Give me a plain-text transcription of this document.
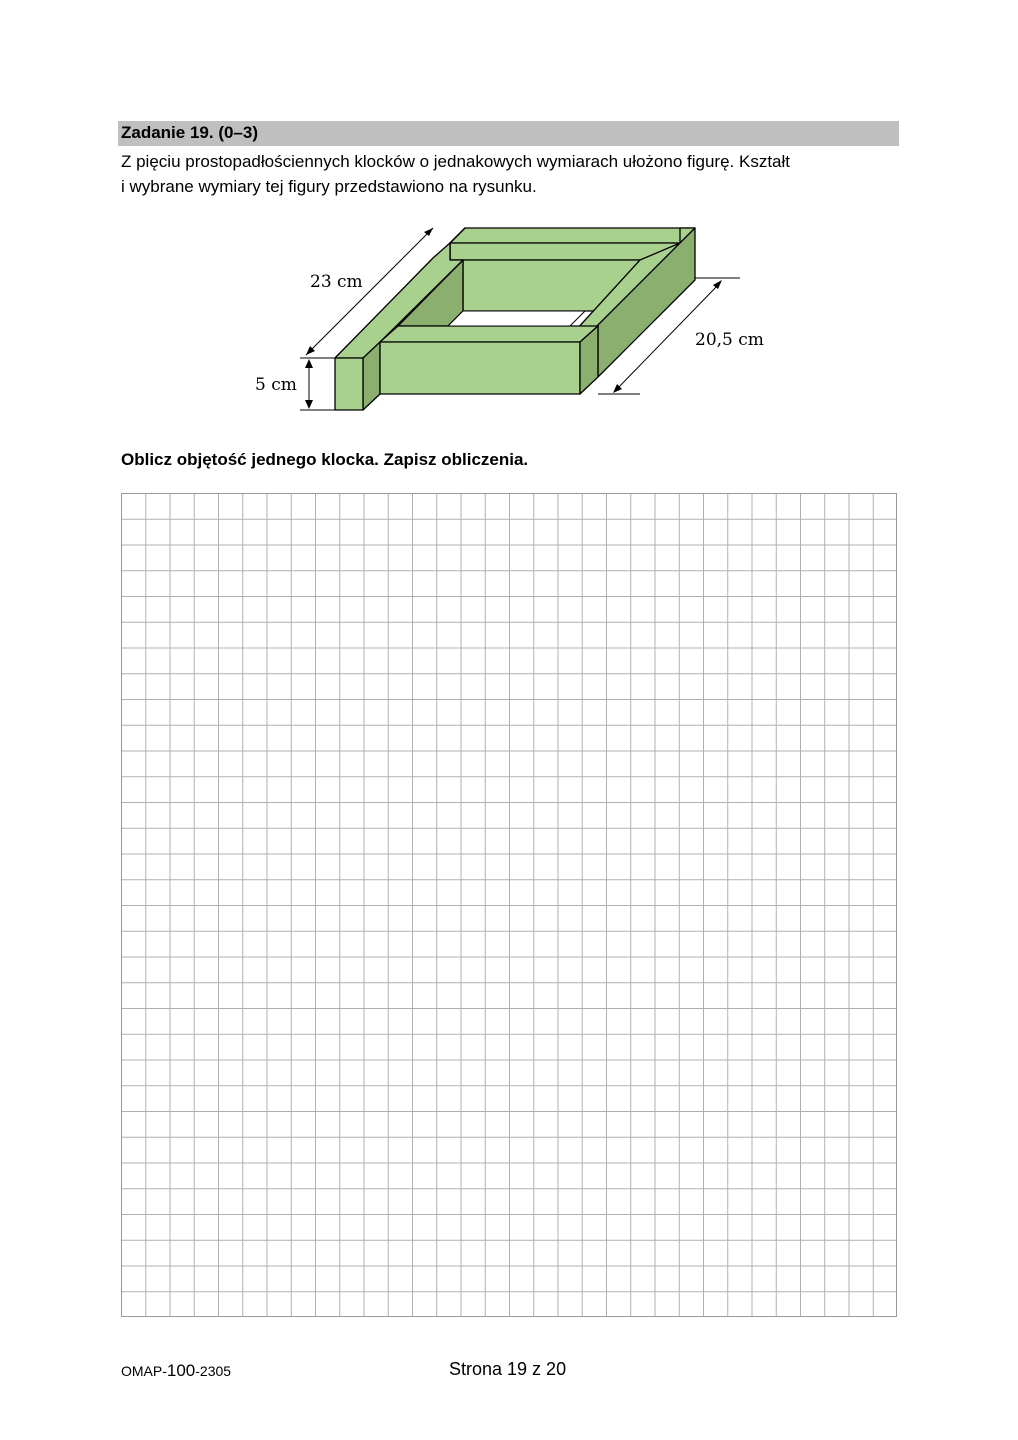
Zadanie 19. (0–3)
Z pięciu prostopadłościennych klocków o jednakowych wymiarach ułożono figurę. Kształt
i wybrane wymiary tej figury przedstawiono na rysunku.
23 cm
20,5 cm
5 cm
Oblicz objętość jednego klocka. Zapisz obliczenia.
OMAP-100-2305	Strona 19 z 20
